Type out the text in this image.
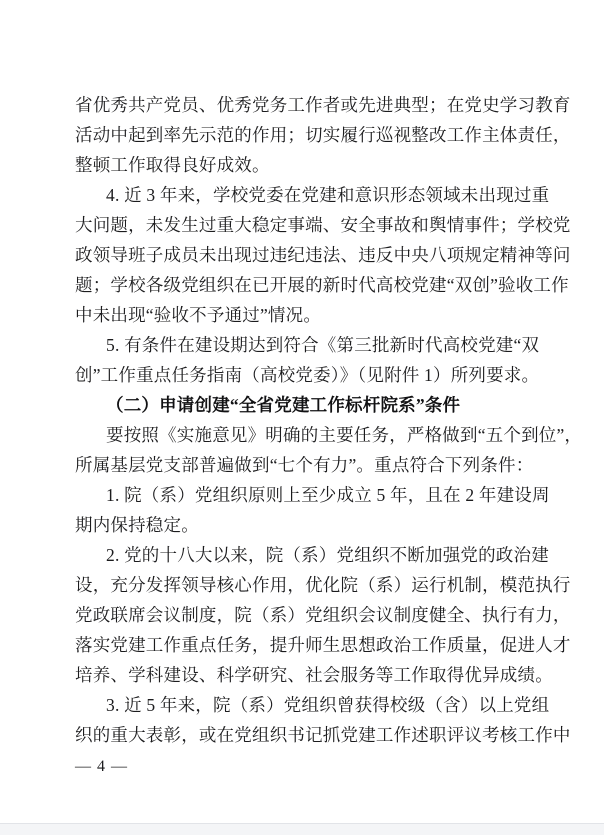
省优秀共产党员、优秀党务工作者或先进典型；在党史学习教育
活动中起到率先示范的作用；切实履行巡视整改工作主体责任，
整顿工作取得良好成效。
4. 近 3 年来，学校党委在党建和意识形态领域未出现过重
大问题，未发生过重大稳定事端、安全事故和舆情事件；学校党
政领导班子成员未出现过违纪违法、违反中央八项规定精神等问
题；学校各级党组织在已开展的新时代高校党建“双创”验收工作
中未出现“验收不予通过”情况。
5. 有条件在建设期达到符合《第三批新时代高校党建“双
创”工作重点任务指南（高校党委）》（见附件 1）所列要求。
（二）申请创建“全省党建工作标杆院系”条件
要按照《实施意见》明确的主要任务，严格做到“五个到位”，
所属基层党支部普遍做到“七个有力”。重点符合下列条件：
1. 院（系）党组织原则上至少成立 5 年，且在 2 年建设周
期内保持稳定。
2. 党的十八大以来，院（系）党组织不断加强党的政治建
设，充分发挥领导核心作用，优化院（系）运行机制，模范执行
党政联席会议制度，院（系）党组织会议制度健全、执行有力，
落实党建工作重点任务，提升师生思想政治工作质量，促进人才
培养、学科建设、科学研究、社会服务等工作取得优异成绩。
3. 近 5 年来，院（系）党组织曾获得校级（含）以上党组
织的重大表彰，或在党组织书记抓党建工作述职评议考核工作中
— 4 —
